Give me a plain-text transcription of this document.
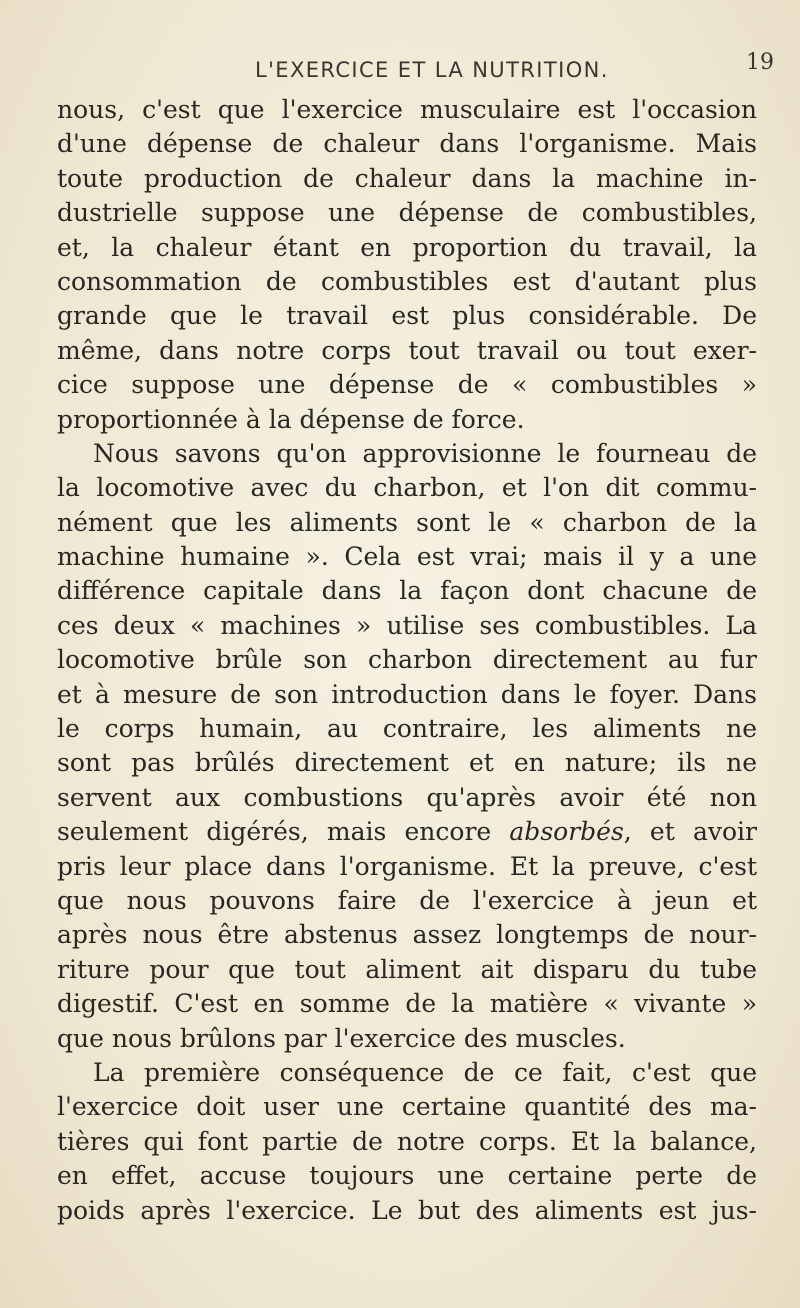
L'EXERCICE ET LA NUTRITION.	19
nous, c'est que l'exercice musculaire est l'occasion
d'une dépense de chaleur dans l'organisme. Mais
toute production de chaleur dans la machine in-
dustrielle suppose une dépense de combustibles,
et, la chaleur étant en proportion du travail, la
consommation de combustibles est d'autant plus
grande que le travail est plus considérable. De
même, dans notre corps tout travail ou tout exer-
cice suppose une dépense de « combustibles »
proportionnée à la dépense de force.
Nous savons qu'on approvisionne le fourneau de
la locomotive avec du charbon, et l'on dit commu-
nément que les aliments sont le « charbon de la
machine humaine ». Cela est vrai; mais il y a une
différence capitale dans la façon dont chacune de
ces deux « machines » utilise ses combustibles. La
locomotive brûle son charbon directement au fur
et à mesure de son introduction dans le foyer. Dans
le corps humain, au contraire, les aliments ne
sont pas brûlés directement et en nature; ils ne
servent aux combustions qu'après avoir été non
seulement digérés, mais encore absorbés, et avoir
pris leur place dans l'organisme. Et la preuve, c'est
que nous pouvons faire de l'exercice à jeun et
après nous être abstenus assez longtemps de nour-
riture pour que tout aliment ait disparu du tube
digestif. C'est en somme de la matière « vivante »
que nous brûlons par l'exercice des muscles.
La première conséquence de ce fait, c'est que
l'exercice doit user une certaine quantité des ma-
tières qui font partie de notre corps. Et la balance,
en effet, accuse toujours une certaine perte de
poids après l'exercice. Le but des aliments est jus-
